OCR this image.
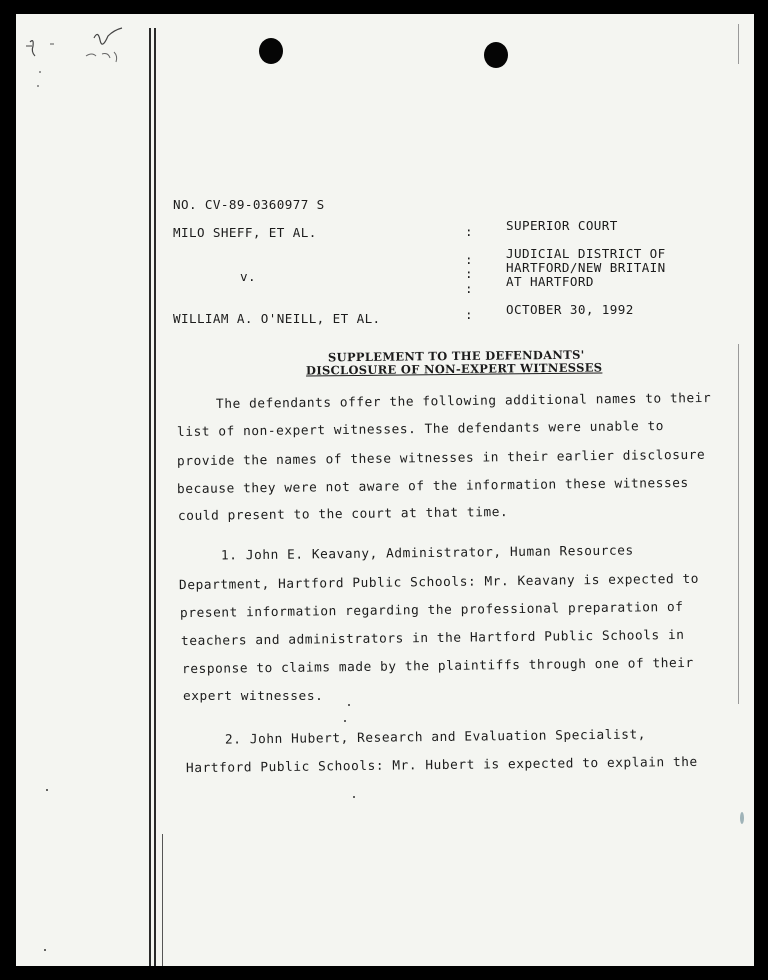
NO. CV-89-0360977 S
MILO SHEFF, ET AL.
v.
WILLIAM A. O'NEILL, ET AL.
:
:
:
:
:
SUPERIOR COURT
JUDICIAL DISTRICT OF
HARTFORD/NEW BRITAIN
AT HARTFORD
OCTOBER 30, 1992
SUPPLEMENT TO THE DEFENDANTS'
DISCLOSURE OF NON-EXPERT WITNESSES
The defendants offer the following additional names to their
list of non-expert witnesses. The defendants were unable to
provide the names of these witnesses in their earlier disclosure
because they were not aware of the information these witnesses
could present to the court at that time.
1. John E. Keavany, Administrator, Human Resources
Department, Hartford Public Schools: Mr. Keavany is expected to
present information regarding the professional preparation of
teachers and administrators in the Hartford Public Schools in
response to claims made by the plaintiffs through one of their
expert witnesses.
2. John Hubert, Research and Evaluation Specialist,
Hartford Public Schools: Mr. Hubert is expected to explain the
